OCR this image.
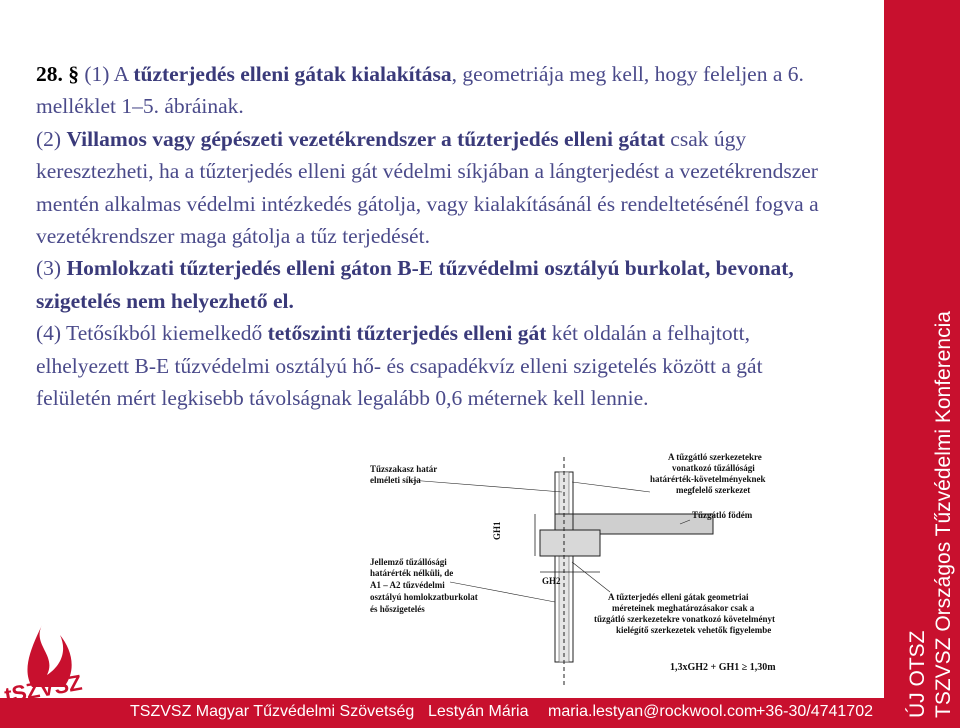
28. § (1) A tűzterjedés elleni gátak kialakítása, geometriája meg kell, hogy feleljen a 6. melléklet 1–5. ábráinak.

(2) Villamos vagy gépészeti vezetékrendszer a tűzterjedés elleni gátat csak úgy keresztezheti, ha a tűzterjedés elleni gát védelmi síkjában a lángterjedést a vezetékrendszer mentén alkalmas védelmi intézkedés gátolja, vagy kialakításánál és rendeltetésénél fogva a vezetékrendszer maga gátolja a tűz terjedését.

(3) Homlokzati tűzterjedés elleni gáton B-E tűzvédelmi osztályú burkolat, bevonat, szigetelés nem helyezhető el.

(4) Tetősíkból kiemelkedő tetőszinti tűzterjedés elleni gát két oldalán a felhajtott, elhelyezett B-E tűzvédelmi osztályú hő- és csapadékvíz elleni szigetelés között a gát felületén mért legkisebb távolságnak legalább 0,6 méternek kell lennie.

Tűzszakasz határ
elméleti síkja
A tűzgátló szerkezetekre
vonatkozó tűzállósági
határérték-követelményeknek
megfelelő szerkezet
Tűzgátló födém
Jellemző tűzállósági
határérték nélküli, de
A1 – A2 tűzvédelmi
osztályú homlokzatburkolat
és hőszigetelés
A tűzterjedés elleni gátak geometriai
méreteinek meghatározásakor csak a
tűzgátló szerkezetekre vonatkozó követelményt
kielégítő szerkezetek vehetők figyelembe
GH1
GH2
1,3xGH2 + GH1 ≥ 1,30m	ÚJ OTSZ TSZVSZ Országos Tűzvédelmi Konferencia
TSZVSZ Magyar Tűzvédelmi Szövetség Lestyán Mária maria.lestyan@rockwool.com
+36-30/4741702
tSZVSZ
